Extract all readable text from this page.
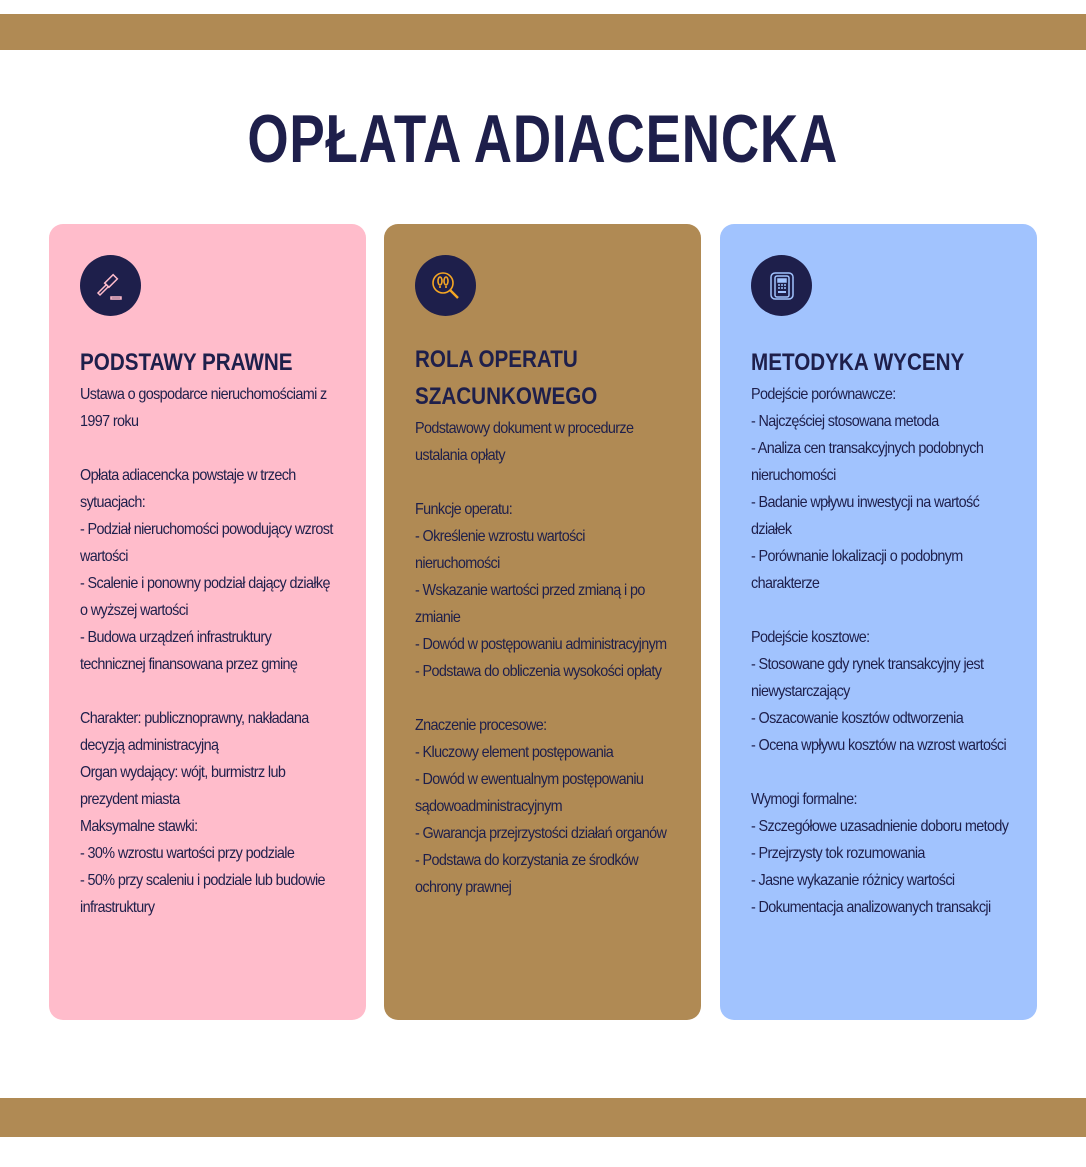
OPŁATA ADIACENCKA
PODSTAWY PRAWNE
Ustawa o gospodarce nieruchomościami z 1997 roku
Opłata adiacencka powstaje w trzech sytuacjach:
- Podział nieruchomości powodujący wzrost wartości
- Scalenie i ponowny podział dający działkę o wyższej wartości
- Budowa urządzeń infrastruktury technicznej finansowana przez gminę
Charakter: publicznoprawny, nakładana decyzją administracyjną
Organ wydający: wójt, burmistrz lub prezydent miasta
Maksymalne stawki:
- 30% wzrostu wartości przy podziale
- 50% przy scaleniu i podziale lub budowie infrastruktury
ROLA OPERATU SZACUNKOWEGO
Podstawowy dokument w procedurze ustalania opłaty
Funkcje operatu:
- Określenie wzrostu wartości nieruchomości
- Wskazanie wartości przed zmianą i po zmianie
- Dowód w postępowaniu administracyjnym
- Podstawa do obliczenia wysokości opłaty
Znaczenie procesowe:
- Kluczowy element postępowania
- Dowód w ewentualnym postępowaniu sądowoadministracyjnym
- Gwarancja przejrzystości działań organów
- Podstawa do korzystania ze środków ochrony prawnej
METODYKA WYCENY
Podejście porównawcze:
- Najczęściej stosowana metoda
- Analiza cen transakcyjnych podobnych nieruchomości
- Badanie wpływu inwestycji na wartość działek
- Porównanie lokalizacji o podobnym charakterze
Podejście kosztowe:
- Stosowane gdy rynek transakcyjny jest niewystarczający
- Oszacowanie kosztów odtworzenia
- Ocena wpływu kosztów na wzrost wartości
Wymogi formalne:
- Szczegółowe uzasadnienie doboru metody
- Przejrzysty tok rozumowania
- Jasne wykazanie różnicy wartości
- Dokumentacja analizowanych transakcji
